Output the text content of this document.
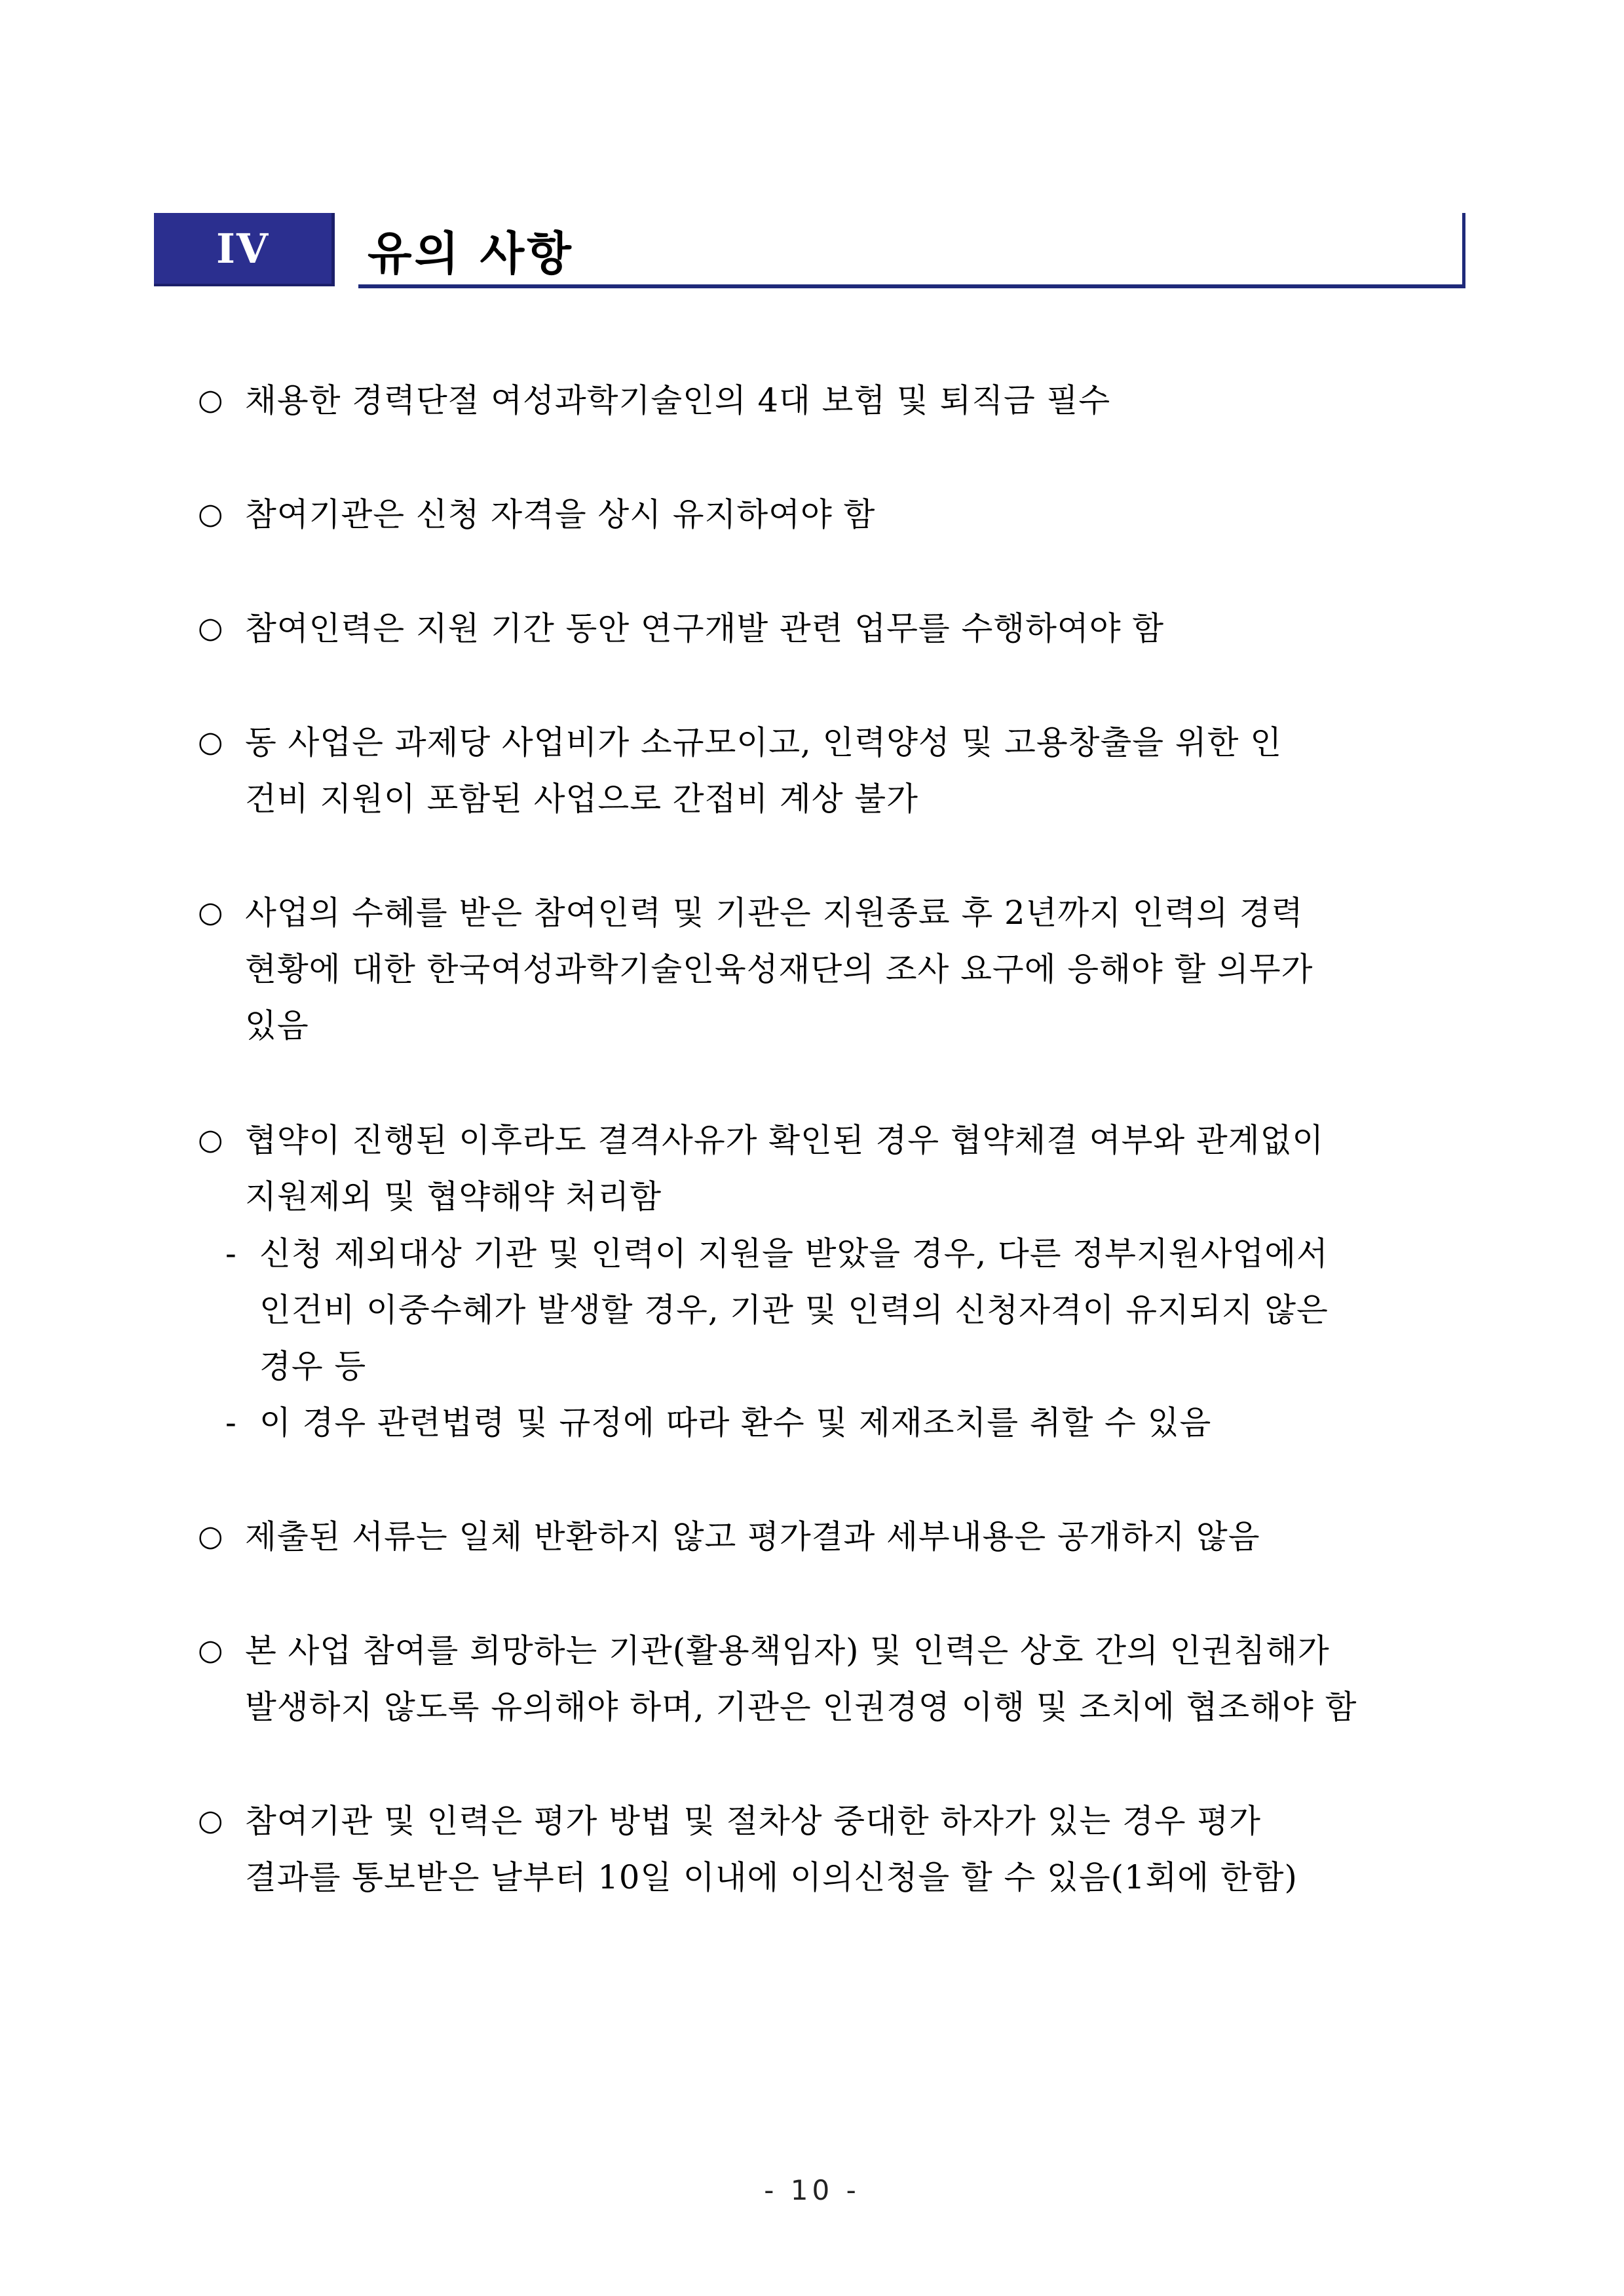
IV	유의 사항
○ 채용한 경력단절 여성과학기술인의 4대 보험 및 퇴직금 필수
○ 참여기관은 신청 자격을 상시 유지하여야 함
○ 참여인력은 지원 기간 동안 연구개발 관련 업무를 수행하여야 함
○ 동 사업은 과제당 사업비가 소규모이고, 인력양성 및 고용창출을 위한 인
건비 지원이 포함된 사업으로 간접비 계상 불가
○ 사업의 수혜를 받은 참여인력 및 기관은 지원종료 후 2년까지 인력의 경력
현황에 대한 한국여성과학기술인육성재단의 조사 요구에 응해야 할 의무가
있음
○ 협약이 진행된 이후라도 결격사유가 확인된 경우 협약체결 여부와 관계없이
지원제외 및 협약해약 처리함
- 신청 제외대상 기관 및 인력이 지원을 받았을 경우, 다른 정부지원사업에서
인건비 이중수혜가 발생할 경우, 기관 및 인력의 신청자격이 유지되지 않은
경우 등
- 이 경우 관련법령 및 규정에 따라 환수 및 제재조치를 취할 수 있음
○ 제출된 서류는 일체 반환하지 않고 평가결과 세부내용은 공개하지 않음
○ 본 사업 참여를 희망하는 기관(활용책임자) 및 인력은 상호 간의 인권침해가
발생하지 않도록 유의해야 하며, 기관은 인권경영 이행 및 조치에 협조해야 함
○ 참여기관 및 인력은 평가 방법 및 절차상 중대한 하자가 있는 경우 평가
결과를 통보받은 날부터 10일 이내에 이의신청을 할 수 있음(1회에 한함)
- 10 -
